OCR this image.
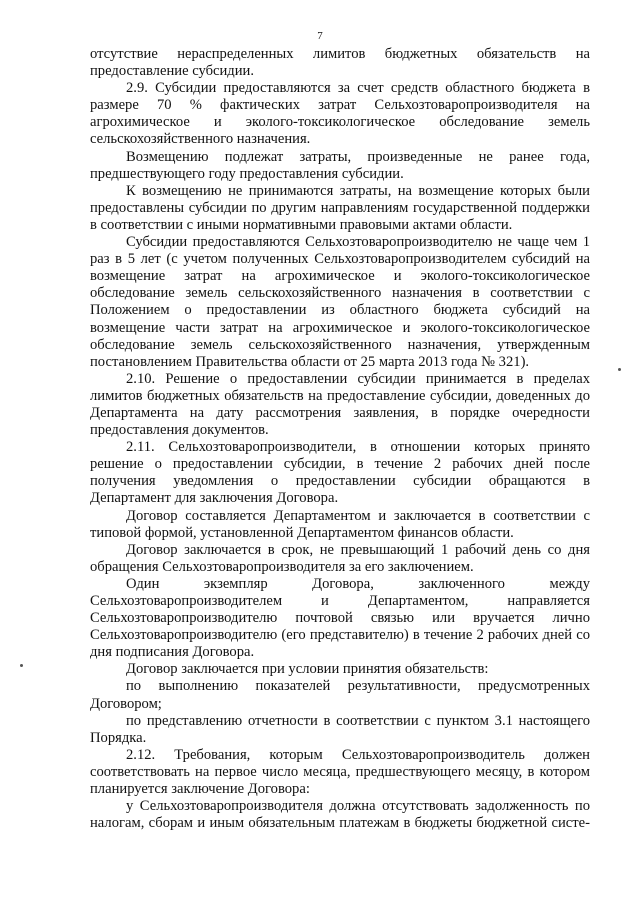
7

отсутствие нераспределенных лимитов бюджетных обязательств на предоставление субсидии.

2.9. Субсидии предоставляются за счет средств областного бюджета в размере 70 % фактических затрат Сельхозтоваропроизводителя на агрохимическое и эколого-токсикологическое обследование земель сельскохозяйственного назначения.

Возмещению подлежат затраты, произведенные не ранее года, предшествующего году предоставления субсидии.

К возмещению не принимаются затраты, на возмещение которых были предоставлены субсидии по другим направлениям государственной поддержки в соответствии с иными нормативными правовыми актами области.

Субсидии предоставляются Сельхозтоваропроизводителю не чаще чем 1 раз в 5 лет (с учетом полученных Сельхозтоваропроизводителем субсидий на возмещение затрат на агрохимическое и эколого-токсикологическое обследование земель сельскохозяйственного назначения в соответствии с Положением о предоставлении из областного бюджета субсидий на возмещение части затрат на агрохимическое и эколого-токсикологическое обследование земель сельскохозяйственного назначения, утвержденным постановлением Правительства области от 25 марта 2013 года № 321).

2.10. Решение о предоставлении субсидии принимается в пределах лимитов бюджетных обязательств на предоставление субсидии, доведенных до Департамента на дату рассмотрения заявления, в порядке очередности предоставления документов.

2.11. Сельхозтоваропроизводители, в отношении которых принято решение о предоставлении субсидии, в течение 2 рабочих дней после получения уведомления о предоставлении субсидии обращаются в Департамент для заключения Договора.

Договор составляется Департаментом и заключается в соответствии с типовой формой, установленной Департаментом финансов области.

Договор заключается в срок, не превышающий 1 рабочий день со дня обращения Сельхозтоваропроизводителя за его заключением.

Один экземпляр Договора, заключенного между Сельхозтоваропроизводителем и Департаментом, направляется Сельхозтоваропроизводителю почтовой связью или вручается лично Сельхозтоваропроизводителю (его представителю) в течение 2 рабочих дней со дня подписания Договора.

Договор заключается при условии принятия обязательств:

по выполнению показателей результативности, предусмотренных Договором;

по представлению отчетности в соответствии с пунктом 3.1 настоящего Порядка.

2.12. Требования, которым Сельхозтоваропроизводитель должен соответствовать на первое число месяца, предшествующего месяцу, в котором планируется заключение Договора:

у Сельхозтоваропроизводителя должна отсутствовать задолженность по налогам, сборам и иным обязательным платежам в бюджеты бюджетной систе-
